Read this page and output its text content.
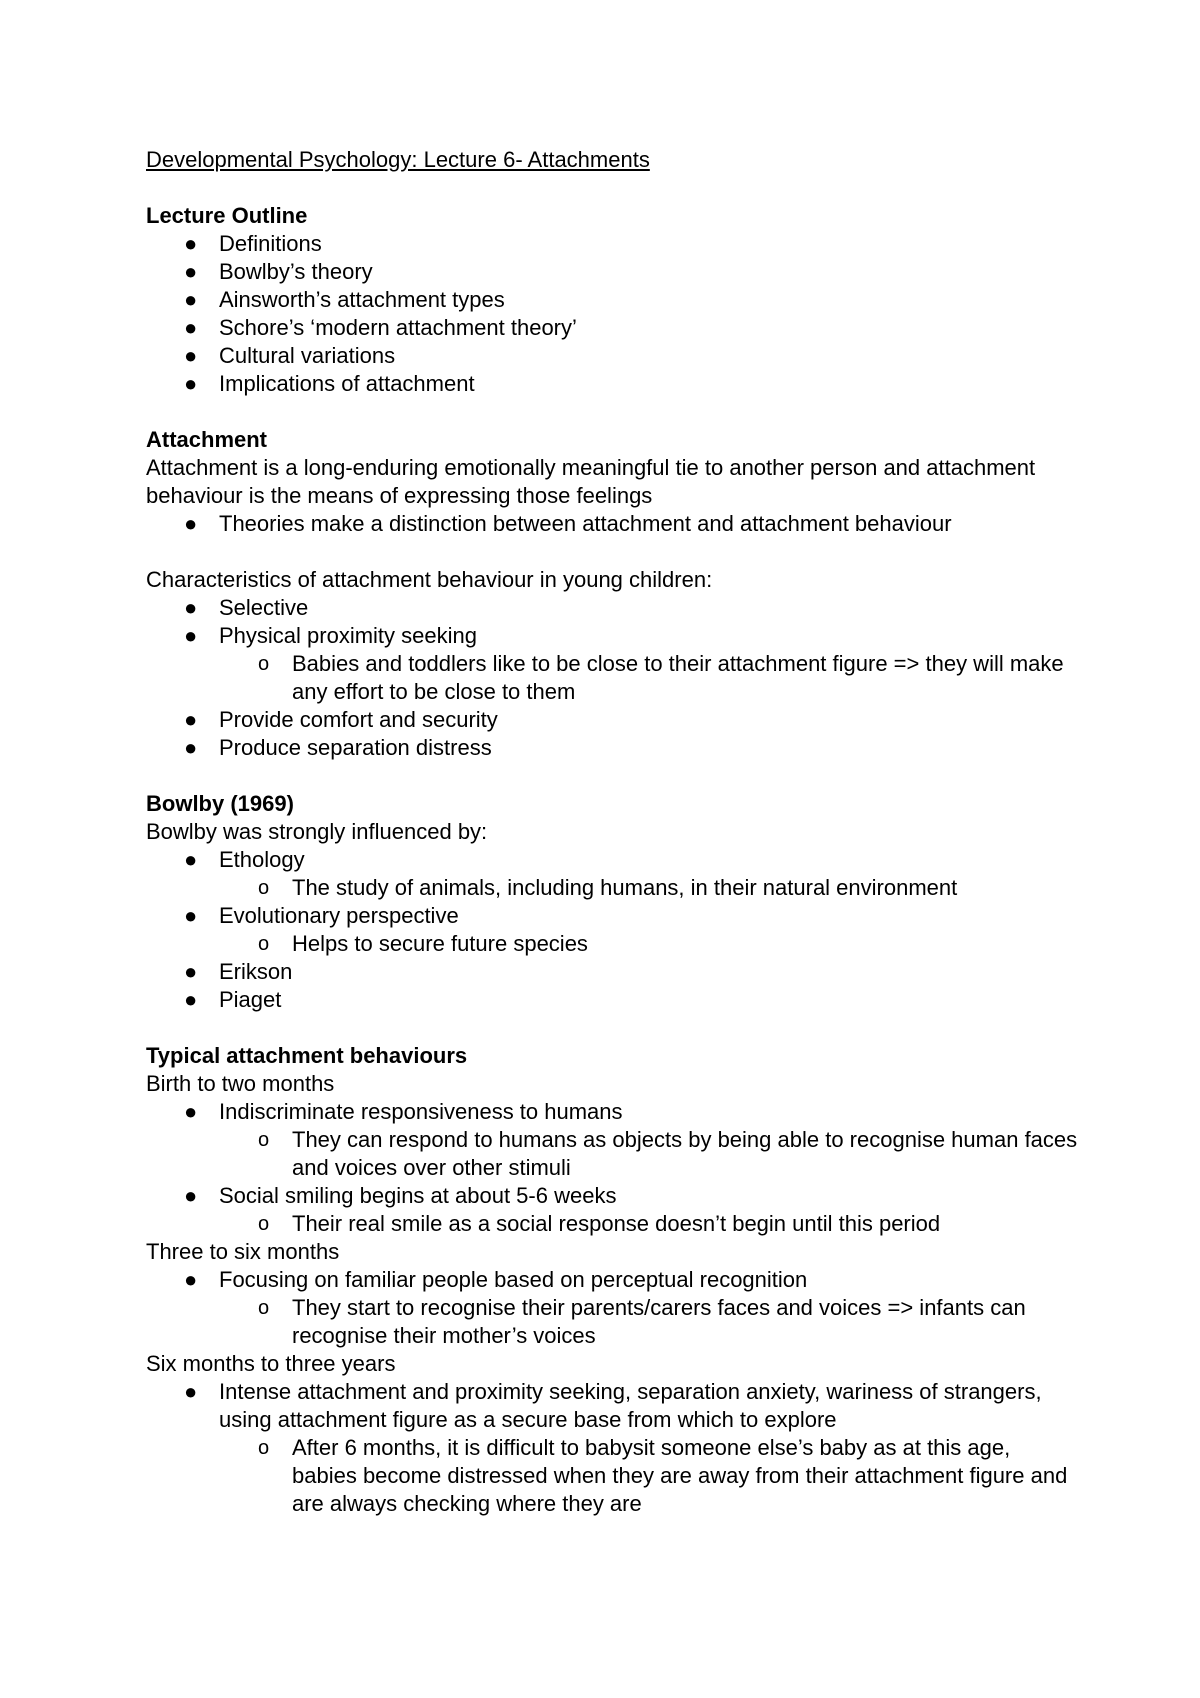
Developmental Psychology: Lecture 6- Attachments

Lecture Outline

● Definitions
● Bowlby’s theory
● Ainsworth’s attachment types
● Schore’s ‘modern attachment theory’
● Cultural variations
● Implications of attachment

Attachment

Attachment is a long-enduring emotionally meaningful tie to another person and attachment behaviour is the means of expressing those feelings

● Theories make a distinction between attachment and attachment behaviour

Characteristics of attachment behaviour in young children:

● Selective
● Physical proximity seeking
o Babies and toddlers like to be close to their attachment figure => they will make any effort to be close to them
● Provide comfort and security
● Produce separation distress

Bowlby (1969)

Bowlby was strongly influenced by:

● Ethology
o The study of animals, including humans, in their natural environment
● Evolutionary perspective
o Helps to secure future species
● Erikson
● Piaget

Typical attachment behaviours

Birth to two months

● Indiscriminate responsiveness to humans
o They can respond to humans as objects by being able to recognise human faces and voices over other stimuli
● Social smiling begins at about 5-6 weeks
o Their real smile as a social response doesn’t begin until this period

Three to six months

● Focusing on familiar people based on perceptual recognition
o They start to recognise their parents/carers faces and voices => infants can recognise their mother’s voices

Six months to three years

● Intense attachment and proximity seeking, separation anxiety, wariness of strangers, using attachment figure as a secure base from which to explore
o After 6 months, it is difficult to babysit someone else’s baby as at this age, babies become distressed when they are away from their attachment figure and are always checking where they are
